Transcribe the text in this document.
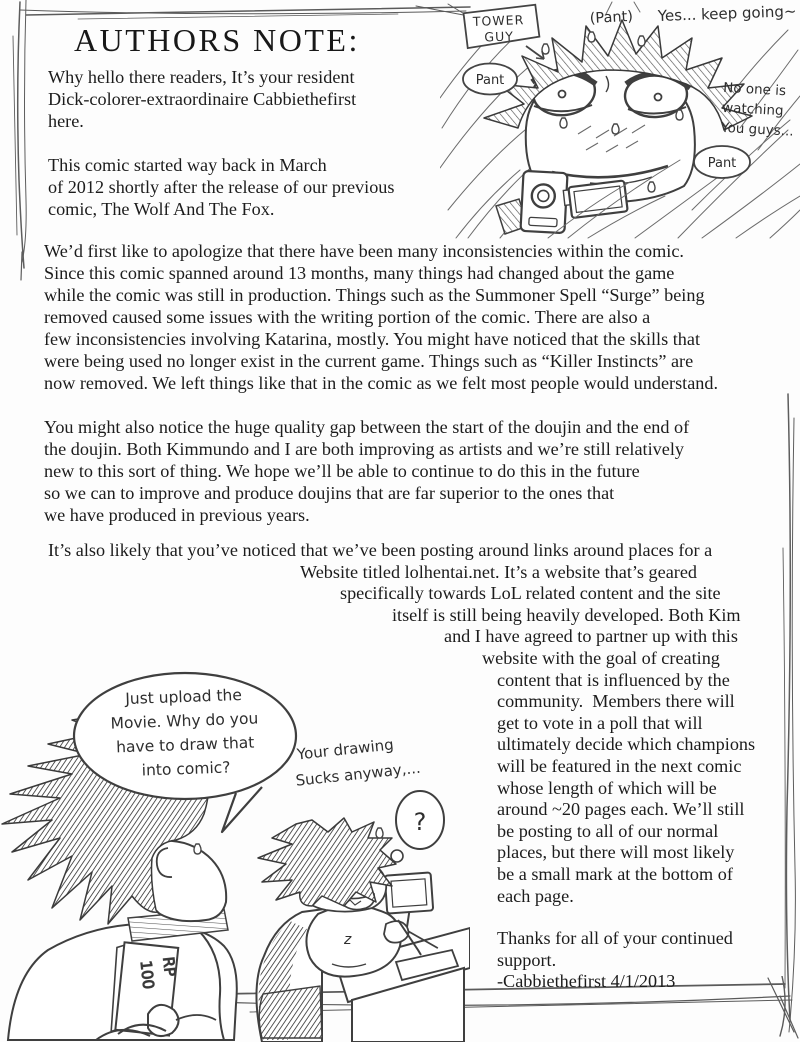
AUTHORS NOTE:
Why hello there readers, It’s your resident
Dick-colorer-extraordinaire Cabbiethefirst
here.
This comic started way back in March
of 2012 shortly after the release of our previous
comic, The Wolf And The Fox.
We’d first like to apologize that there have been many inconsistencies within the comic.
Since this comic spanned around 13 months, many things had changed about the game
while the comic was still in production. Things such as the Summoner Spell “Surge” being
removed caused some issues with the writing portion of the comic. There are also a
few inconsistencies involving Katarina, mostly. You might have noticed that the skills that
were being used no longer exist in the current game. Things such as “Killer Instincts” are
now removed. We left things like that in the comic as we felt most people would understand.
You might also notice the huge quality gap between the start of the doujin and the end of
the doujin. Both Kimmundo and I are both improving as artists and we’re still relatively
new to this sort of thing. We hope we’ll be able to continue to do this in the future
so we can to improve and produce doujins that are far superior to the ones that
we have produced in previous years.
It’s also likely that you’ve noticed that we’ve been posting around links around places for a
Website titled lolhentai.net. It’s a website that’s geared
specifically towards LoL related content and the site
itself is still being heavily developed. Both Kim
and I have agreed to partner up with this
website with the goal of creating
content that is influenced by the
community.  Members there will
get to vote in a poll that will
ultimately decide which champions
will be featured in the next comic
whose length of which will be
around ~20 pages each. We’ll still
be posting to all of our normal
places, but there will most likely
be a small mark at the bottom of
each page.
Thanks for all of your continued
support.
-Cabbiethefirst 4/1/2013
TOWER
GUY
(Pant) Yes... keep going~
Pant	No one is
watching
You guys...
Pant
z
RP
100
Just upload the
Movie. Why do you
have to draw that
into comic?
Your drawing
Sucks anyway,...
?
